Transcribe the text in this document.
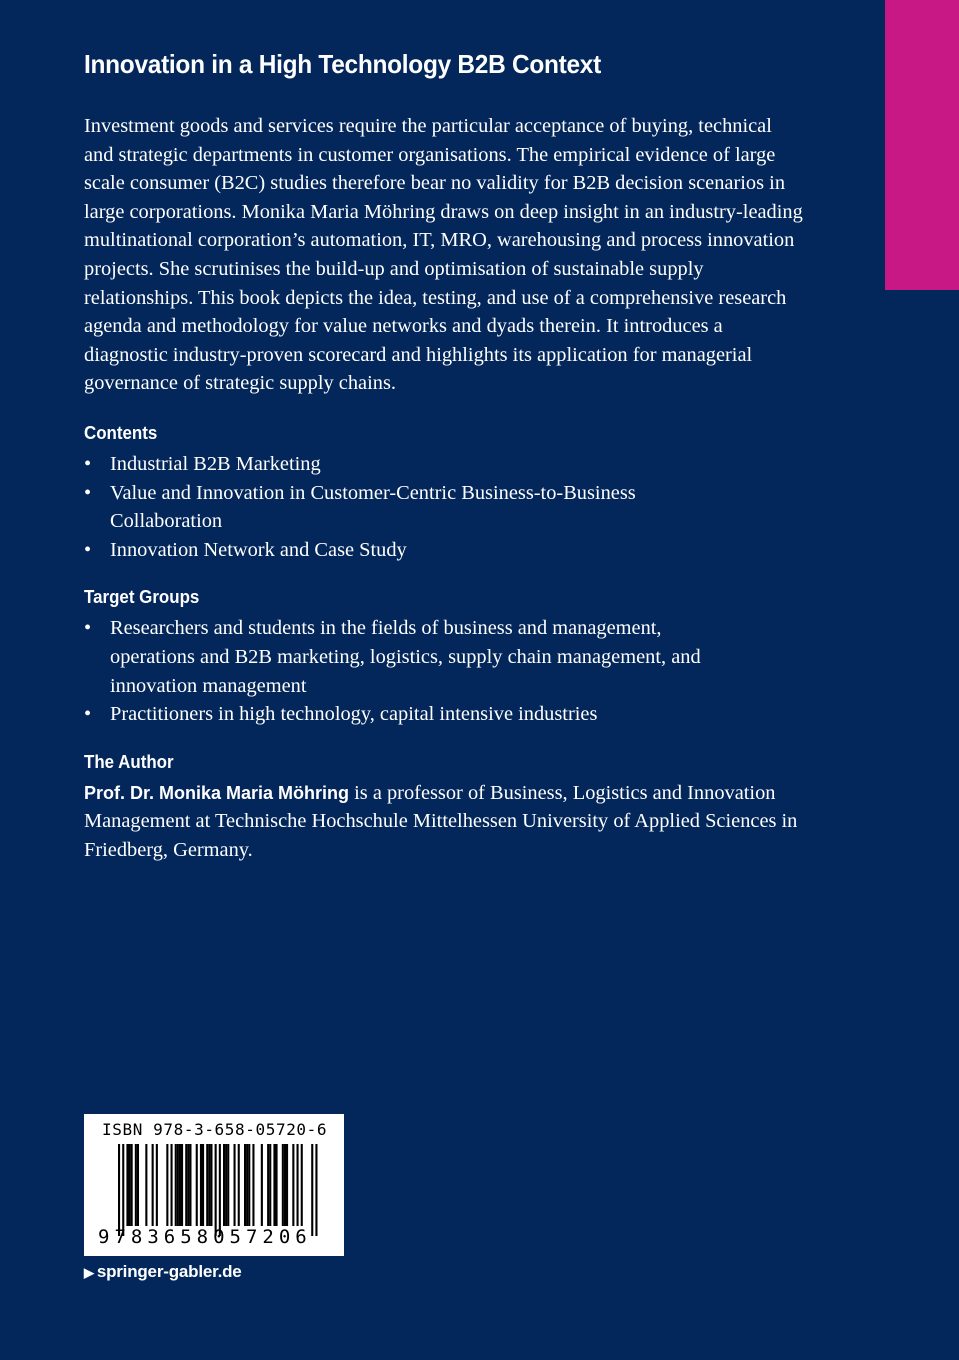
Innovation in a High Technology B2B Context

Investment goods and services require the particular acceptance of buying, technical and strategic departments in customer organisations. The empirical evidence of large scale consumer (B2C) studies therefore bear no validity for B2B decision scenarios in large corporations. Monika Maria Möhring draws on deep insight in an industry-leading multinational corporation’s automation, IT, MRO, warehousing and process innovation projects. She scrutinises the build-up and optimisation of sustainable supply relationships. This book depicts the idea, testing, and use of a comprehensive research agenda and methodology for value networks and dyads therein. It introduces a diagnostic industry-proven scorecard and highlights its application for managerial governance of strategic supply chains.

Contents
• Industrial B2B Marketing
• Value and Innovation in Customer-Centric Business-to-Business Collaboration
• Innovation Network and Case Study
Target Groups
• Researchers and students in the fields of business and management, operations and B2B marketing, logistics, supply chain management, and innovation management
• Practitioners in high technology, capital intensive industries
The Author

Prof. Dr. Monika Maria Möhring is a professor of Business, Logistics and Innovation Management at Technische Hochschule Mittelhessen University of Applied Sciences in Friedberg, Germany.

ISBN 978-3-658-05720-6
9783658057206
▶ springer-gabler.de
